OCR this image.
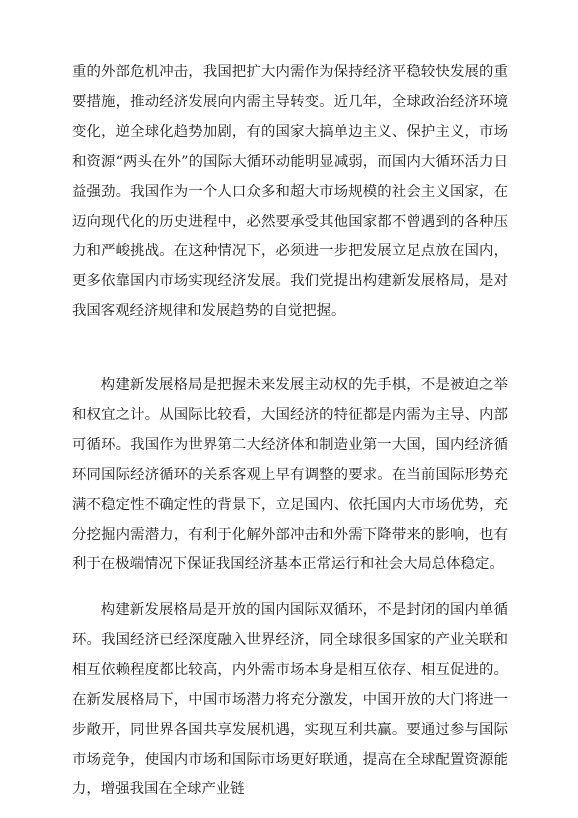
重的外部危机冲击，我国把扩大内需作为保持经济平稳较快发展的重要措施，推动经济发展向内需主导转变。近几年，全球政治经济环境变化，逆全球化趋势加剧，有的国家大搞单边主义、保护主义，市场和资源“两头在外”的国际大循环动能明显减弱，而国内大循环活力日益强劲。我国作为一个人口众多和超大市场规模的社会主义国家，在迈向现代化的历史进程中，必然要承受其他国家都不曾遇到的各种压力和严峻挑战。在这种情况下，必须进一步把发展立足点放在国内，更多依靠国内市场实现经济发展。我们党提出构建新发展格局，是对我国客观经济规律和发展趋势的自觉把握。

构建新发展格局是把握未来发展主动权的先手棋，不是被迫之举和权宜之计。从国际比较看，大国经济的特征都是内需为主导、内部可循环。我国作为世界第二大经济体和制造业第一大国，国内经济循环同国际经济循环的关系客观上早有调整的要求。在当前国际形势充满不稳定性不确定性的背景下，立足国内、依托国内大市场优势，充分挖掘内需潜力，有利于化解外部冲击和外需下降带来的影响，也有利于在极端情况下保证我国经济基本正常运行和社会大局总体稳定。

构建新发展格局是开放的国内国际双循环，不是封闭的国内单循环。我国经济已经深度融入世界经济，同全球很多国家的产业关联和相互依赖程度都比较高，内外需市场本身是相互依存、相互促进的。在新发展格局下，中国市场潜力将充分激发，中国开放的大门将进一步敞开，同世界各国共享发展机遇，实现互利共赢。要通过参与国际市场竞争，使国内市场和国际市场更好联通，提高在全球配置资源能力，增强我国在全球产业链
